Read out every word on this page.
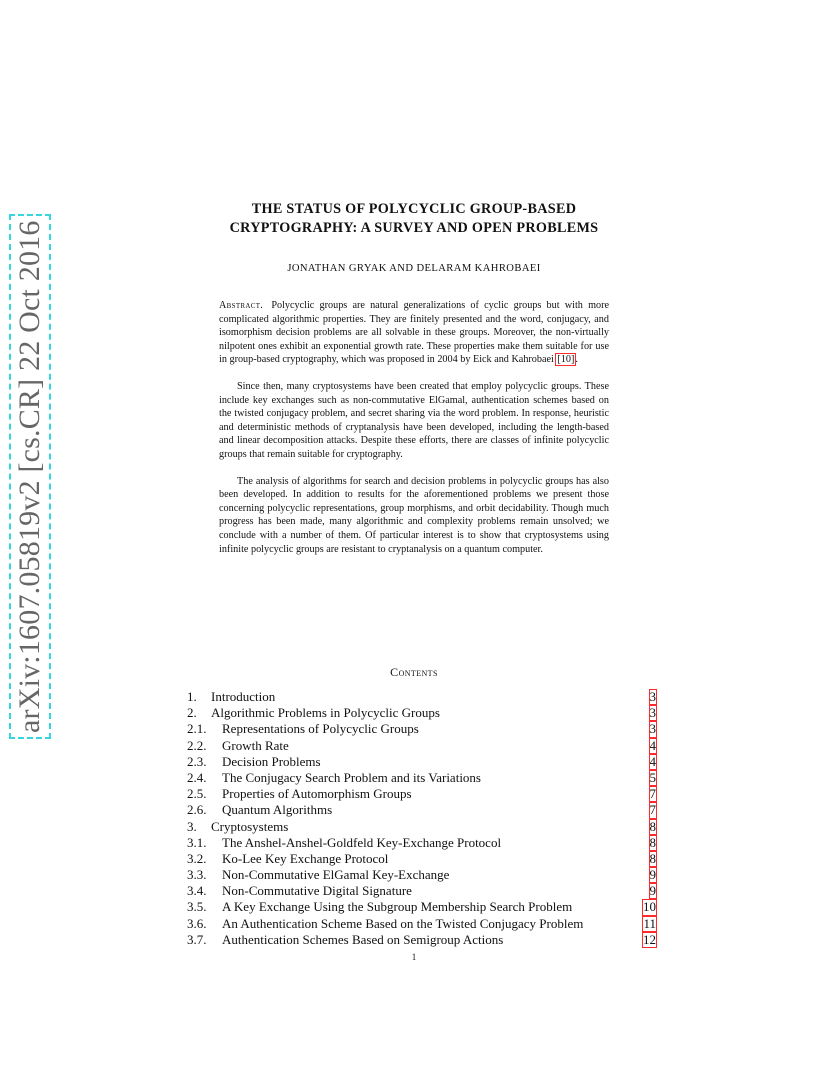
arXiv:1607.05819v2 [cs.CR] 22 Oct 2016
THE STATUS OF POLYCYCLIC GROUP-BASED
CRYPTOGRAPHY: A SURVEY AND OPEN PROBLEMS
JONATHAN GRYAK AND DELARAM KAHROBAEI

Abstract. Polycyclic groups are natural generalizations of cyclic groups but with more complicated algorithmic properties. They are finitely presented and the word, conjugacy, and isomorphism decision problems are all solvable in these groups. Moreover, the non-virtually nilpotent ones exhibit an exponential growth rate. These properties make them suitable for use in group-based cryptography, which was proposed in 2004 by Eick and Kahrobaei [10].

Since then, many cryptosystems have been created that employ polycyclic groups. These include key exchanges such as non-commutative ElGamal, authentication schemes based on the twisted conjugacy problem, and secret sharing via the word problem. In response, heuristic and deterministic methods of cryptanalysis have been developed, including the length-based and linear decomposition attacks. Despite these efforts, there are classes of infinite polycyclic groups that remain suitable for cryptography.

The analysis of algorithms for search and decision problems in polycyclic groups has also been developed. In addition to results for the aforementioned problems we present those concerning polycyclic representations, group morphisms, and orbit decidability. Though much progress has been made, many algorithmic and complexity problems remain unsolved; we conclude with a number of them. Of particular interest is to show that cryptosystems using infinite polycyclic groups are resistant to cryptanalysis on a quantum computer.

Contents
1. Introduction	3
2. Algorithmic Problems in Polycyclic Groups	3
2.1. Representations of Polycyclic Groups	3
2.2. Growth Rate	4
2.3. Decision Problems	4
2.4. The Conjugacy Search Problem and its Variations	5
2.5. Properties of Automorphism Groups	7
2.6. Quantum Algorithms	7
3. Cryptosystems	8
3.1. The Anshel-Anshel-Goldfeld Key-Exchange Protocol	8
3.2. Ko-Lee Key Exchange Protocol	8
3.3. Non-Commutative ElGamal Key-Exchange	9
3.4. Non-Commutative Digital Signature	9
3.5. A Key Exchange Using the Subgroup Membership Search Problem	10
3.6. An Authentication Scheme Based on the Twisted Conjugacy Problem	11
3.7. Authentication Schemes Based on Semigroup Actions	12
1
